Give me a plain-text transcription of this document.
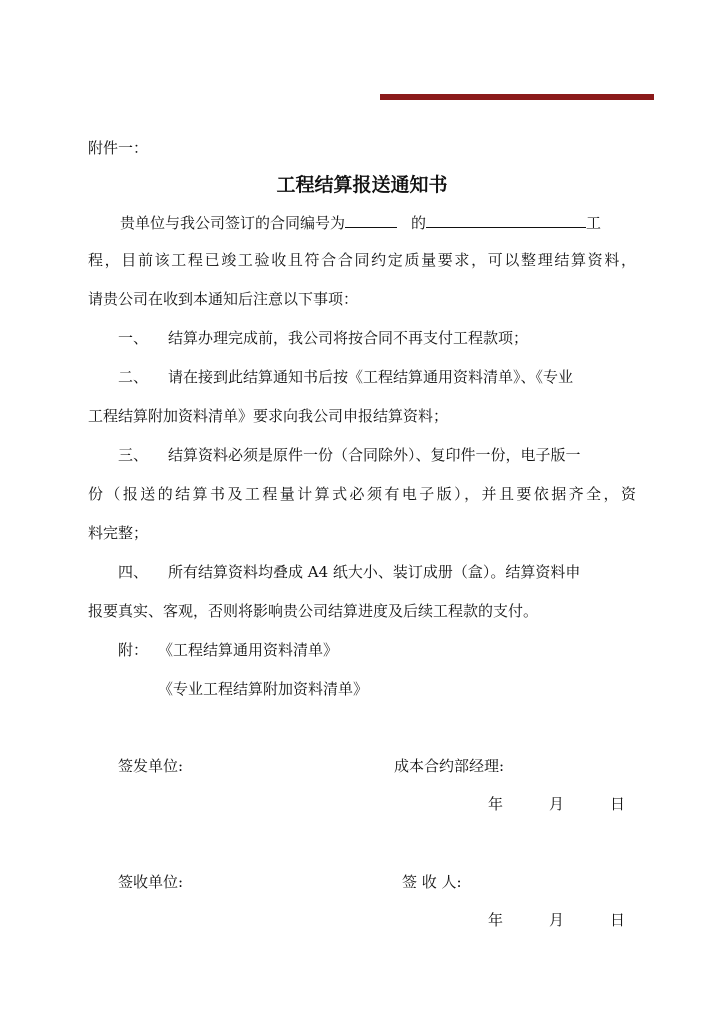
附件一：
工程结算报送通知书
贵单位与我公司签订的合同编号为	的	工
程，目前该工程已竣工验收且符合合同约定质量要求，可以整理结算资料，
请贵公司在收到本通知后注意以下事项：
一、 结算办理完成前，我公司将按合同不再支付工程款项；
二、 请在接到此结算通知书后按《工程结算通用资料清单》、《专业
工程结算附加资料清单》要求向我公司申报结算资料；
三、 结算资料必须是原件一份（合同除外）、复印件一份，电子版一
份（报送的结算书及工程量计算式必须有电子版），并且要依据齐全，资
料完整；
四、 所有结算资料均叠成 A4 纸大小、装订成册（盒）。结算资料申
报要真实、客观，否则将影响贵公司结算进度及后续工程款的支付。
附： 《工程结算通用资料清单》
《专业工程结算附加资料清单》
签发单位:	成本合约部经理:
年	月	日
签收单位:	签 收 人:
年	月	日
